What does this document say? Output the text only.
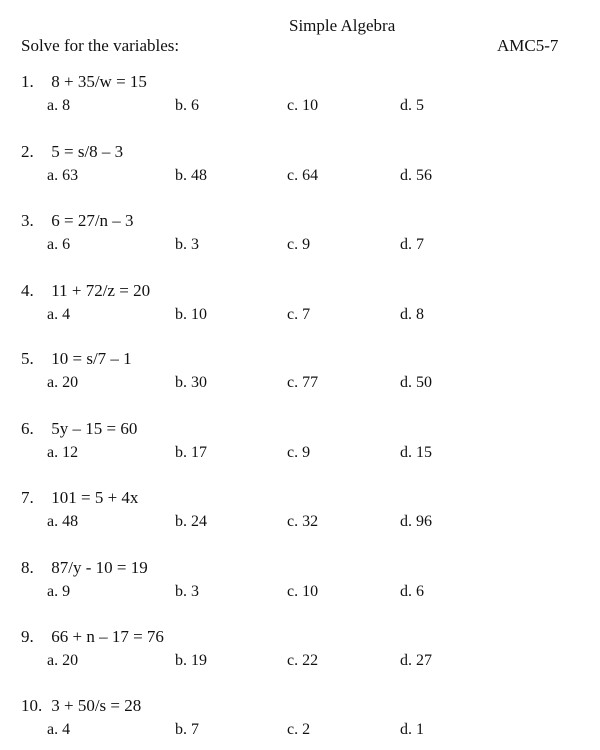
Simple Algebra
Solve for the variables:	AMC5-7
1. 8 + 35/w = 15
a. 8	b. 6	c. 10	d. 5
2. 5 = s/8 – 3
a. 63	b. 48	c. 64	d. 56
3. 6 = 27/n – 3
a. 6	b. 3	c. 9	d. 7
4. 11 + 72/z = 20
a. 4	b. 10	c. 7	d. 8
5. 10 = s/7 – 1
a. 20	b. 30	c. 77	d. 50
6. 5y – 15 = 60
a. 12	b. 17	c. 9	d. 15
7. 101 = 5 + 4x
a. 48	b. 24	c. 32	d. 96
8. 87/y - 10 = 19
a. 9	b. 3	c. 10	d. 6
9. 66 + n – 17 = 76
a. 20	b. 19	c. 22	d. 27
10. 3 + 50/s = 28
a. 4	b. 7	c. 2	d. 1
